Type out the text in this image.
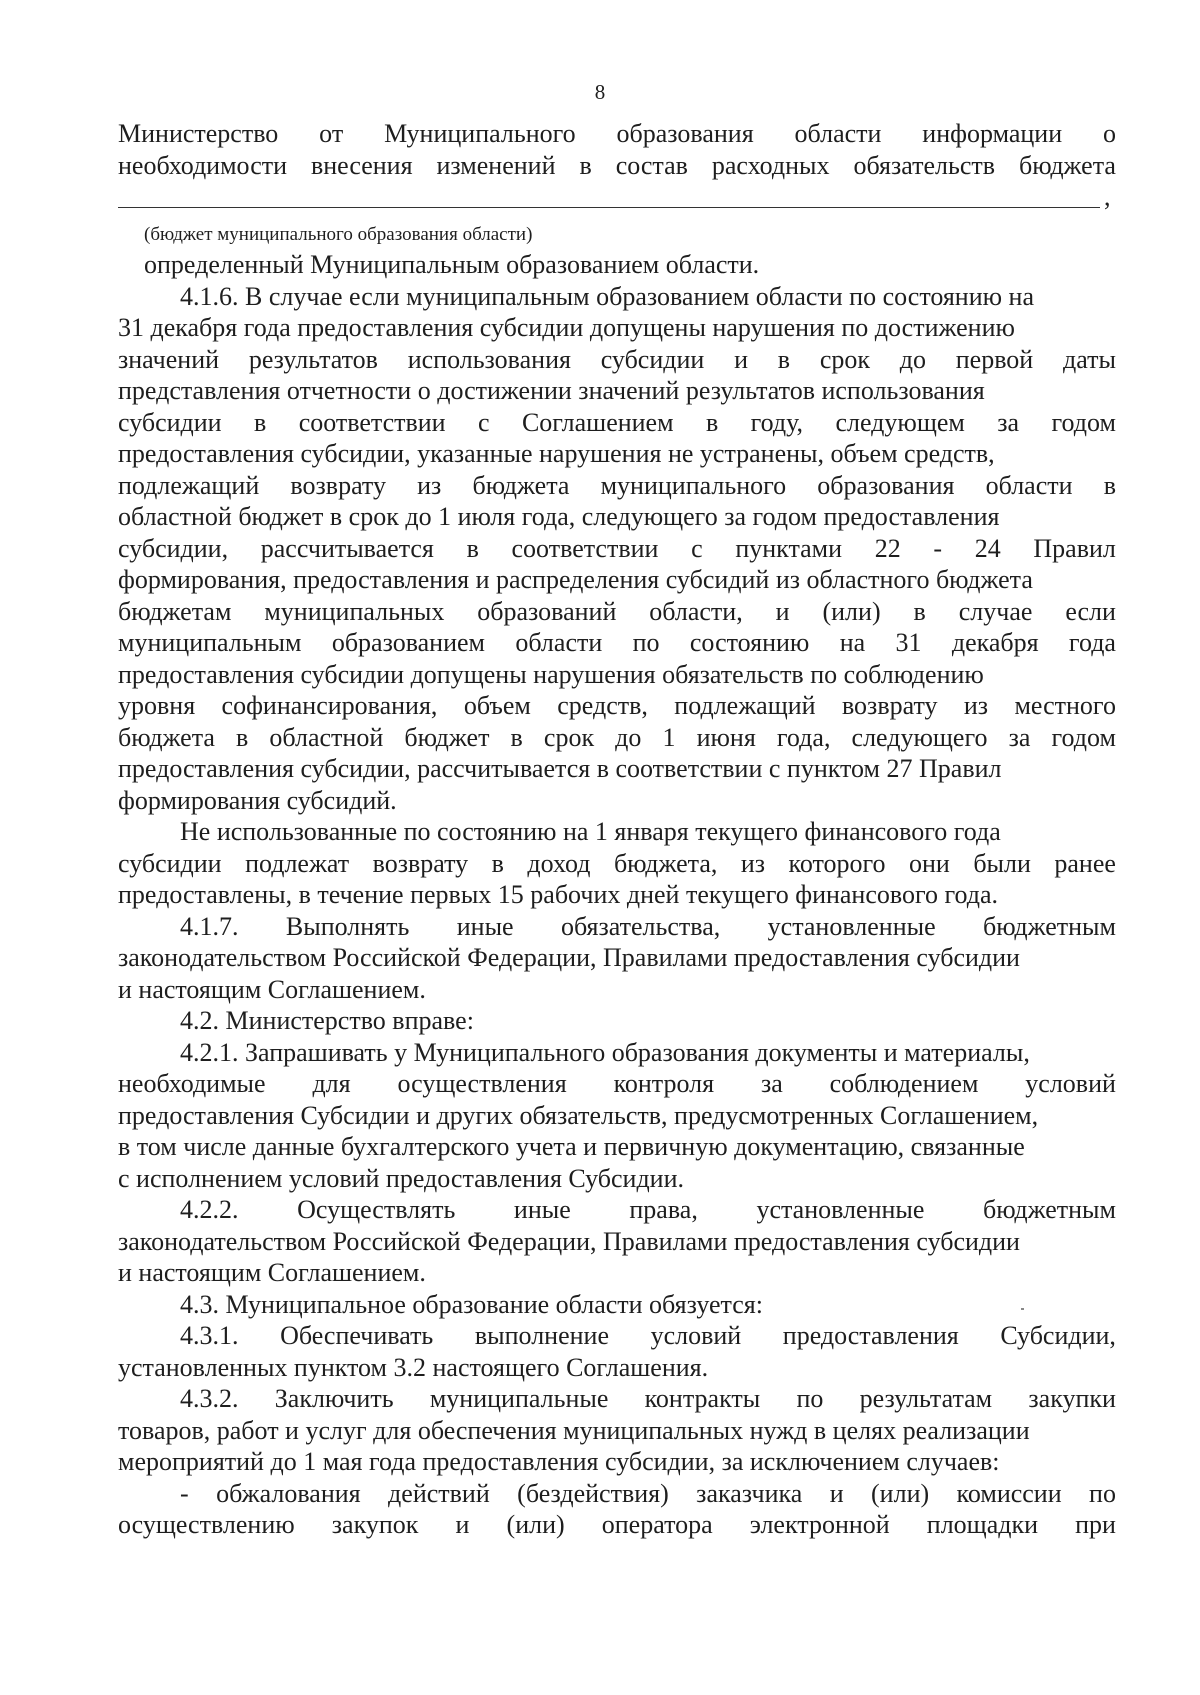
8
Министерство от Муниципального образования области информации о
необходимости внесения изменений в состав расходных обязательств бюджета
,
(бюджет муниципального образования области)
определенный Муниципальным образованием области.
4.1.6. В случае если муниципальным образованием области по состоянию на
31 декабря года предоставления субсидии допущены нарушения по достижению
значений результатов использования субсидии и в срок до первой даты
представления отчетности о достижении значений результатов использования
субсидии в соответствии с Соглашением в году, следующем за годом
предоставления субсидии, указанные нарушения не устранены, объем средств,
подлежащий возврату из бюджета муниципального образования области в
областной бюджет в срок до 1 июля года, следующего за годом предоставления
субсидии, рассчитывается в соответствии с пунктами 22 - 24 Правил
формирования, предоставления и распределения субсидий из областного бюджета
бюджетам муниципальных образований области, и (или) в случае если
муниципальным образованием области по состоянию на 31 декабря года
предоставления субсидии допущены нарушения обязательств по соблюдению
уровня софинансирования, объем средств, подлежащий возврату из местного
бюджета в областной бюджет в срок до 1 июня года, следующего за годом
предоставления субсидии, рассчитывается в соответствии с пунктом 27 Правил
формирования субсидий.
Не использованные по состоянию на 1 января текущего финансового года
субсидии подлежат возврату в доход бюджета, из которого они были ранее
предоставлены, в течение первых 15 рабочих дней текущего финансового года.
4.1.7. Выполнять иные обязательства, установленные бюджетным
законодательством Российской Федерации, Правилами предоставления субсидии
и настоящим Соглашением.
4.2. Министерство вправе:
4.2.1. Запрашивать у Муниципального образования документы и материалы,
необходимые для осуществления контроля за соблюдением условий
предоставления Субсидии и других обязательств, предусмотренных Соглашением,
в том числе данные бухгалтерского учета и первичную документацию, связанные
с исполнением условий предоставления Субсидии.
4.2.2. Осуществлять иные права, установленные бюджетным
законодательством Российской Федерации, Правилами предоставления субсидии
и настоящим Соглашением.
4.3. Муниципальное образование области обязуется:
4.3.1. Обеспечивать выполнение условий предоставления Субсидии,
установленных пунктом 3.2 настоящего Соглашения.
4.3.2. Заключить муниципальные контракты по результатам закупки
товаров, работ и услуг для обеспечения муниципальных нужд в целях реализации
мероприятий до 1 мая года предоставления субсидии, за исключением случаев:
- обжалования действий (бездействия) заказчика и (или) комиссии по
осуществлению закупок и (или) оператора электронной площадки при
